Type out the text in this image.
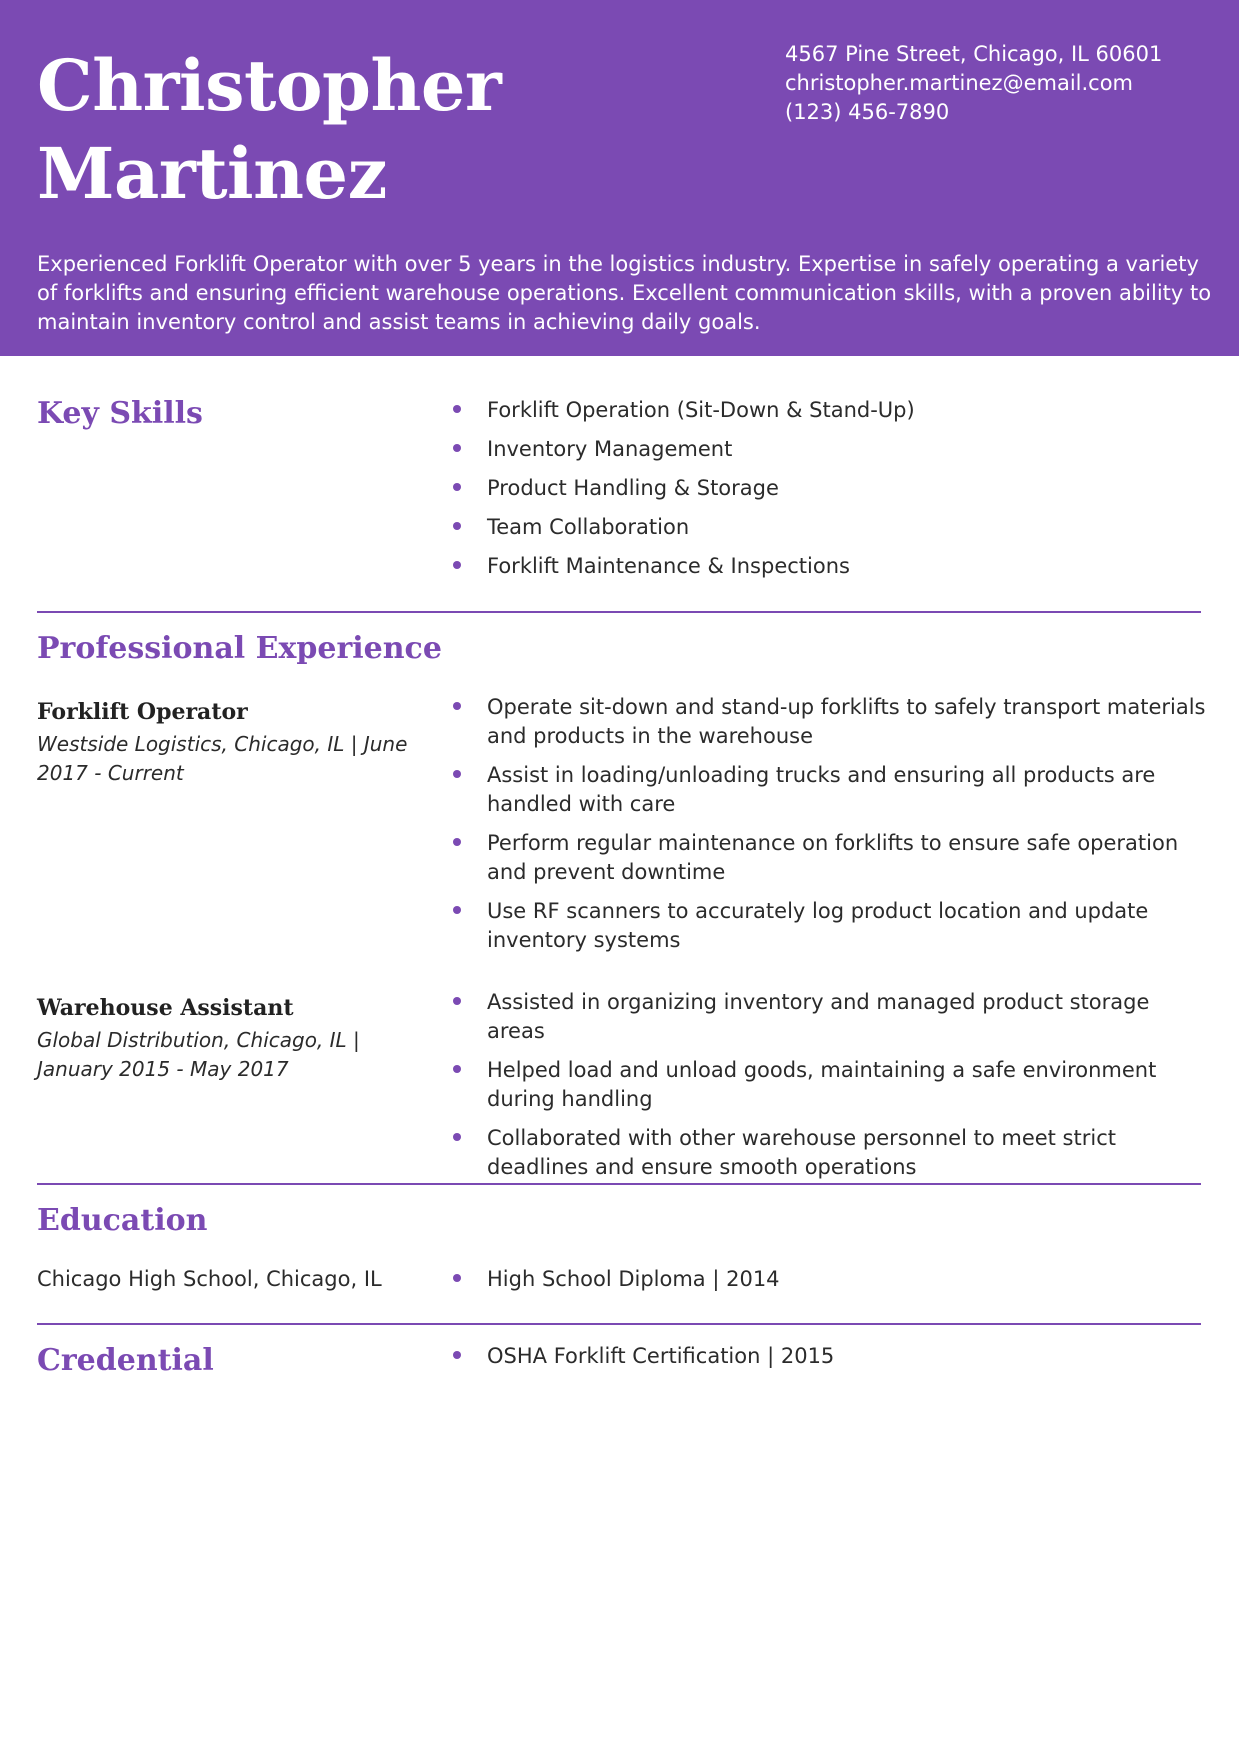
Christopher
Martinez
4567 Pine Street, Chicago, IL 60601
christopher.martinez@email.com
(123) 456-7890
Experienced Forklift Operator with over 5 years in the logistics industry. Expertise in safely operating a variety of forklifts and ensuring efficient warehouse operations. Excellent communication skills, with a proven ability to maintain inventory control and assist teams in achieving daily goals.
Key Skills	Forklift Operation (Sit-Down & Stand-Up)
Inventory Management
Product Handling & Storage
Team Collaboration
Forklift Maintenance & Inspections
Professional Experience
Forklift Operator
Westside Logistics, Chicago, IL | June 2017 - Current
Operate sit-down and stand-up forklifts to safely transport materials and products in the warehouse
Assist in loading/unloading trucks and ensuring all products are handled with care
Perform regular maintenance on forklifts to ensure safe operation and prevent downtime
Use RF scanners to accurately log product location and update inventory systems
Warehouse Assistant
Global Distribution, Chicago, IL | January 2015 - May 2017
Assisted in organizing inventory and managed product storage areas
Helped load and unload goods, maintaining a safe environment during handling
Collaborated with other warehouse personnel to meet strict deadlines and ensure smooth operations
Education
Chicago High School, Chicago, IL	High School Diploma | 2014
Credential	OSHA Forklift Certification | 2015
